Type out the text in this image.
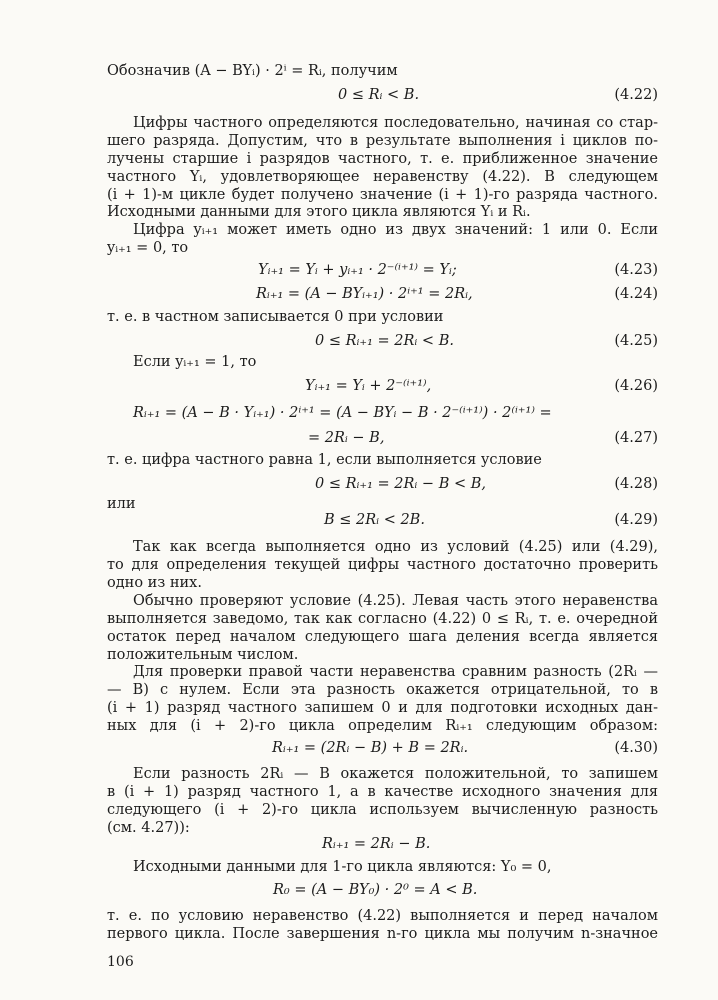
Обозначив (A − BYᵢ) · 2ⁱ = Rᵢ, получим
0 ≤ Rᵢ < B.	(4.22)
Цифры частного определяются последовательно, начиная со стар-
шего разряда. Допустим, что в результате выполнения i циклов по-
лучены старшие i разрядов частного, т. е. приближенное значение
частного Yᵢ, удовлетворяющее неравенству (4.22). В следующем
(i + 1)-м цикле будет получено значение (i + 1)-го разряда частного.
Исходными данными для этого цикла являются Yᵢ и Rᵢ.
Цифра yᵢ₊₁ может иметь одно из двух значений: 1 или 0. Если
yᵢ₊₁ = 0, то
Yᵢ₊₁ = Yᵢ + yᵢ₊₁ · 2⁻⁽ⁱ⁺¹⁾ = Yᵢ;	(4.23)
Rᵢ₊₁ = (A − BYᵢ₊₁) · 2ⁱ⁺¹ = 2Rᵢ,	(4.24)
т. е. в частном записывается 0 при условии
0 ≤ Rᵢ₊₁ = 2Rᵢ < B.	(4.25)
Если yᵢ₊₁ = 1, то
Yᵢ₊₁ = Yᵢ + 2⁻⁽ⁱ⁺¹⁾,	(4.26)
Rᵢ₊₁ = (A − B · Yᵢ₊₁) · 2ⁱ⁺¹ = (A − BYᵢ − B · 2⁻⁽ⁱ⁺¹⁾) · 2⁽ⁱ⁺¹⁾ =
= 2Rᵢ − B,	(4.27)
т. е. цифра частного равна 1, если выполняется условие
0 ≤ Rᵢ₊₁ = 2Rᵢ − B < B,	(4.28)
или
B ≤ 2Rᵢ < 2B.	(4.29)
Так как всегда выполняется одно из условий (4.25) или (4.29),
то для определения текущей цифры частного достаточно проверить
одно из них.
Обычно проверяют условие (4.25). Левая часть этого неравенства
выполняется заведомо, так как согласно (4.22) 0 ≤ Rᵢ, т. е. очередной
остаток перед началом следующего шага деления всегда является
положительным числом.
Для проверки правой части неравенства сравним разность (2Rᵢ —
— B) с нулем. Если эта разность окажется отрицательной, то в
(i + 1) разряд частного запишем 0 и для подготовки исходных дан-
ных для (i + 2)-го цикла определим Rᵢ₊₁ следующим образом:
Rᵢ₊₁ = (2Rᵢ − B) + B = 2Rᵢ.	(4.30)
Если разность 2Rᵢ — B окажется положительной, то запишем
в (i + 1) разряд частного 1, а в качестве исходного значения для
следующего (i + 2)-го цикла используем вычисленную разность
(см. 4.27)):
Rᵢ₊₁ = 2Rᵢ − B.
Исходными данными для 1-го цикла являются: Y₀ = 0,
R₀ = (A − BY₀) · 2⁰ = A < B.
т. е. по условию неравенство (4.22) выполняется и перед началом
первого цикла. После завершения n-го цикла мы получим n-значное
106
